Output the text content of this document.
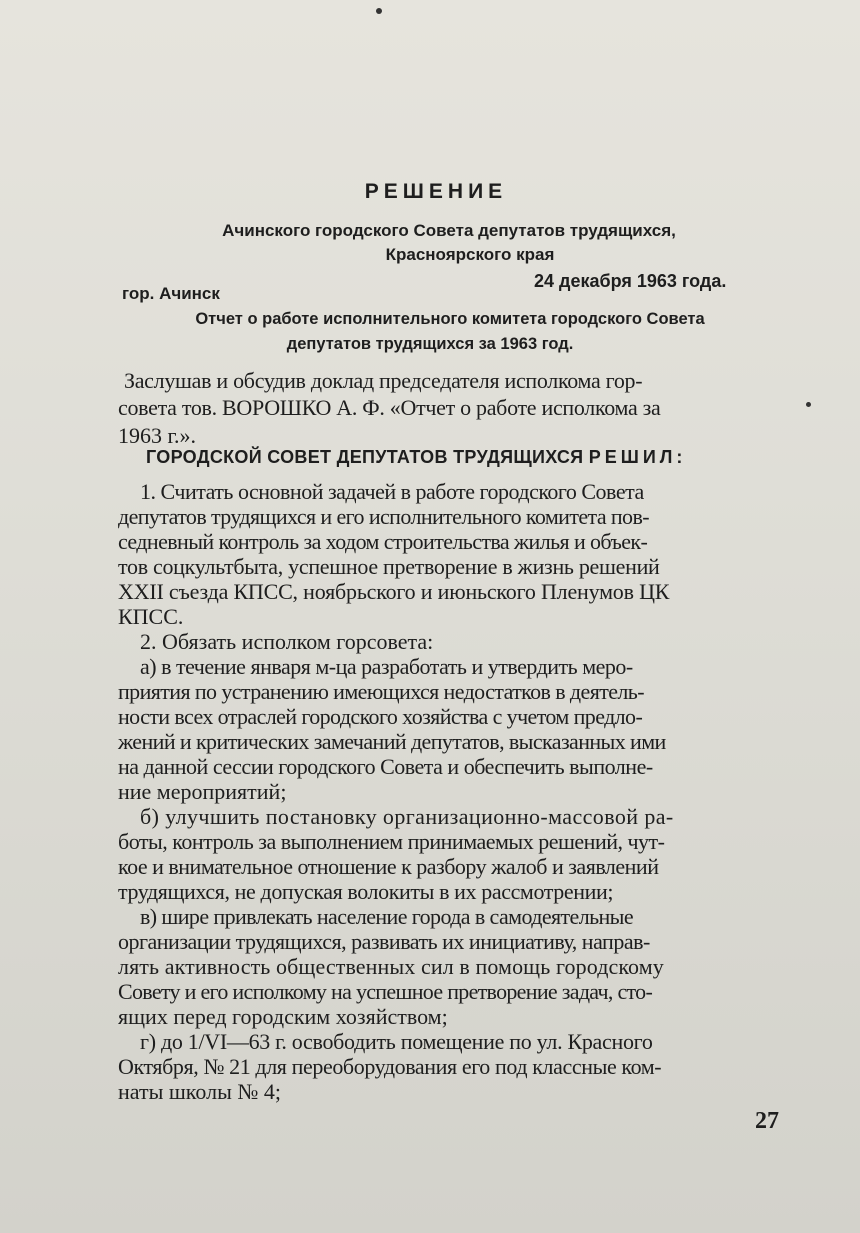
РЕШЕНИЕ
Ачинского городского Совета депутатов трудящихся,
Красноярского края
гор. Ачинск
24 декабря 1963 года.
Отчет о работе исполнительного комитета городского Совета
депутатов трудящихся за 1963 год.
Заслушав и обсудив доклад председателя исполкома гор-
совета тов. ВОРОШКО А. Ф. «Отчет о работе исполкома за
1963 г.».
ГОРОДСКОЙ СОВЕТ ДЕПУТАТОВ ТРУДЯЩИХСЯ РЕШИЛ:
1. Считать основной задачей в работе городского Совета
депутатов трудящихся и его исполнительного комитета пов-
седневный контроль за ходом строительства жилья и объек-
тов соцкультбыта, успешное претворение в жизнь решений
XXII съезда КПСС, ноябрьского и июньского Пленумов ЦК
КПСС.
2. Обязать исполком горсовета:
а) в течение января м-ца разработать и утвердить меро-
приятия по устранению имеющихся недостатков в деятель-
ности всех отраслей городского хозяйства с учетом предло-
жений и критических замечаний депутатов, высказанных ими
на данной сессии городского Совета и обеспечить выполне-
ние мероприятий;
б) улучшить постановку организационно-массовой ра-
боты, контроль за выполнением принимаемых решений, чут-
кое и внимательное отношение к разбору жалоб и заявлений
трудящихся, не допуская волокиты в их рассмотрении;
в) шире привлекать население города в самодеятельные
организации трудящихся, развивать их инициативу, направ-
лять активность общественных сил в помощь городскому
Совету и его исполкому на успешное претворение задач, сто-
ящих перед городским хозяйством;
г) до 1/VI—63 г. освободить помещение по ул. Красного
Октября, № 21 для переоборудования его под классные ком-
наты школы № 4;
27
